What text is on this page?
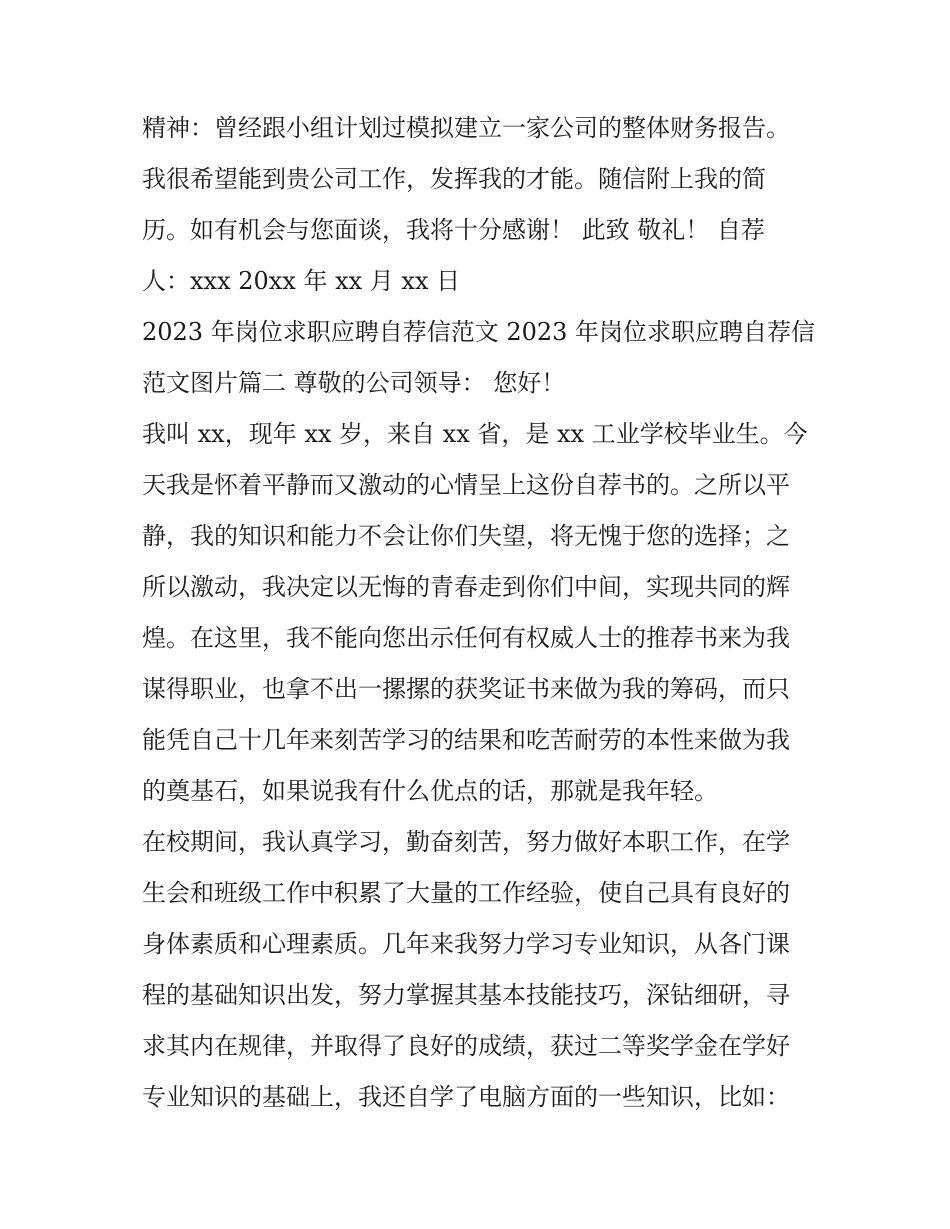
精神：曾经跟小组计划过模拟建立一家公司的整体财务报告。
我很希望能到贵公司工作，发挥我的才能。随信附上我的简
历。如有机会与您面谈，我将十分感谢！ 此致 敬礼！ 自荐
人：xxx 20xx 年 xx 月 xx 日
2023 年岗位求职应聘自荐信范文 2023 年岗位求职应聘自荐信
范文图片篇二 尊敬的公司领导： 您好！
我叫 xx，现年 xx 岁，来自 xx 省，是 xx 工业学校毕业生。今
天我是怀着平静而又激动的心情呈上这份自荐书的。之所以平
静，我的知识和能力不会让你们失望，将无愧于您的选择；之
所以激动，我决定以无悔的青春走到你们中间，实现共同的辉
煌。在这里，我不能向您出示任何有权威人士的推荐书来为我
谋得职业，也拿不出一摞摞的获奖证书来做为我的筹码，而只
能凭自己十几年来刻苦学习的结果和吃苦耐劳的本性来做为我
的奠基石，如果说我有什么优点的话，那就是我年轻。
在校期间，我认真学习，勤奋刻苦，努力做好本职工作，在学
生会和班级工作中积累了大量的工作经验，使自己具有良好的
身体素质和心理素质。几年来我努力学习专业知识，从各门课
程的基础知识出发，努力掌握其基本技能技巧，深钻细研，寻
求其内在规律，并取得了良好的成绩，获过二等奖学金在学好
专业知识的基础上，我还自学了电脑方面的一些知识，比如：
